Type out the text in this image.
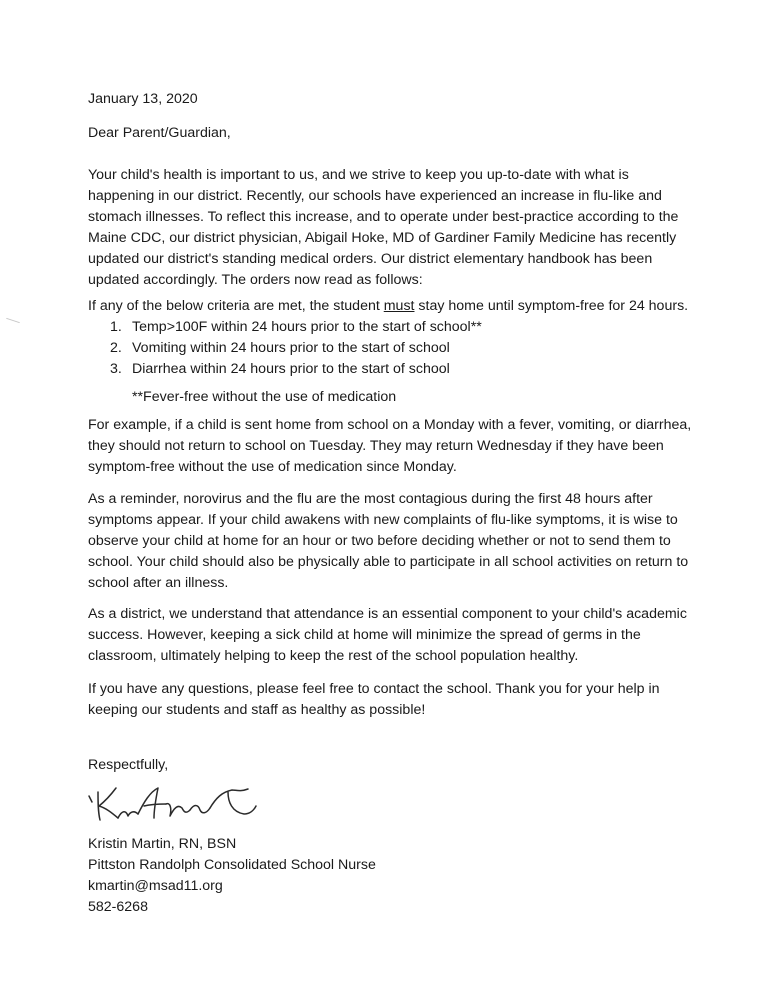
January 13, 2020

Dear Parent/Guardian,

Your child's health is important to us, and we strive to keep you up-to-date with what is
happening in our district. Recently, our schools have experienced an increase in flu-like and
stomach illnesses. To reflect this increase, and to operate under best-practice according to the
Maine CDC, our district physician, Abigail Hoke, MD of Gardiner Family Medicine has recently
updated our district's standing medical orders. Our district elementary handbook has been
updated accordingly. The orders now read as follows:

If any of the below criteria are met, the student must stay home until symptom-free for 24 hours.

1. Temp>100F within 24 hours prior to the start of school**
2. Vomiting within 24 hours prior to the start of school
3. Diarrhea within 24 hours prior to the start of school

**Fever-free without the use of medication

For example, if a child is sent home from school on a Monday with a fever, vomiting, or diarrhea,
they should not return to school on Tuesday. They may return Wednesday if they have been
symptom-free without the use of medication since Monday.
As a reminder, norovirus and the flu are the most contagious during the first 48 hours after
symptoms appear. If your child awakens with new complaints of flu-like symptoms, it is wise to
observe your child at home for an hour or two before deciding whether or not to send them to
school. Your child should also be physically able to participate in all school activities on return to
school after an illness.
As a district, we understand that attendance is an essential component to your child's academic
success. However, keeping a sick child at home will minimize the spread of germs in the
classroom, ultimately helping to keep the rest of the school population healthy.
If you have any questions, please feel free to contact the school. Thank you for your help in
keeping our students and staff as healthy as possible!

Respectfully,

Kristin Martin, RN, BSN
Pittston Randolph Consolidated School Nurse
kmartin@msad11.org
582-6268
